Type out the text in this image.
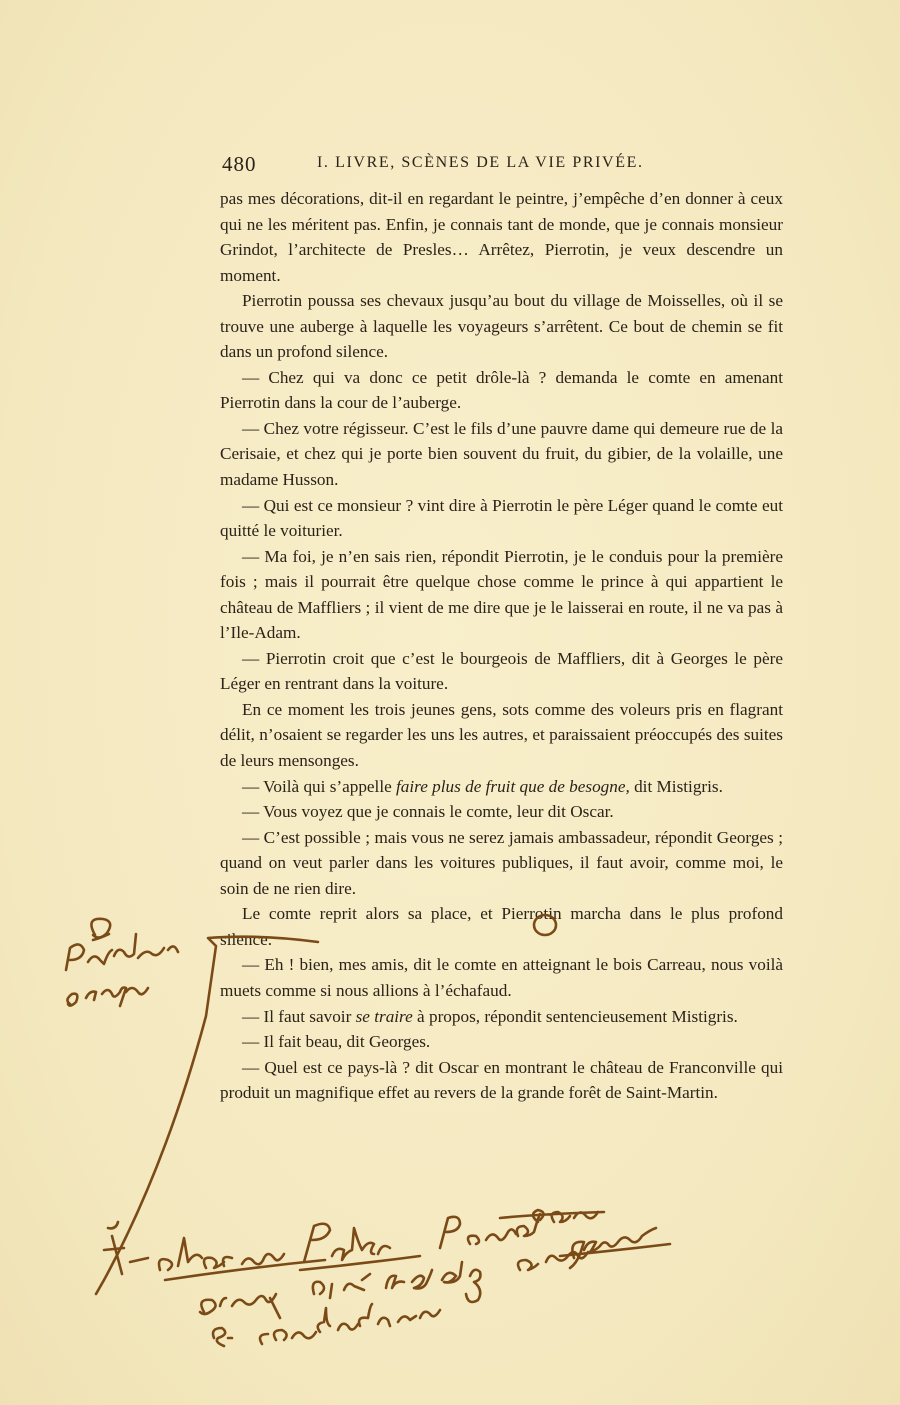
480	I. LIVRE, SCÈNES DE LA VIE PRIVÉE.

pas mes décorations, dit-il en regardant le peintre, j’empêche d’en donner à ceux qui ne les méritent pas. Enfin, je connais tant de monde, que je connais monsieur Grindot, l’architecte de Presles… Arrêtez, Pierrotin, je veux descendre un moment.

Pierrotin poussa ses chevaux jusqu’au bout du village de Moisselles, où il se trouve une auberge à laquelle les voyageurs s’arrêtent. Ce bout de chemin se fit dans un profond silence.

— Chez qui va donc ce petit drôle-là ? demanda le comte en amenant Pierrotin dans la cour de l’auberge.

— Chez votre régisseur. C’est le fils d’une pauvre dame qui demeure rue de la Cerisaie, et chez qui je porte bien souvent du fruit, du gibier, de la volaille, une madame Husson.

— Qui est ce monsieur ? vint dire à Pierrotin le père Léger quand le comte eut quitté le voiturier.

— Ma foi, je n’en sais rien, répondit Pierrotin, je le conduis pour la première fois ; mais il pourrait être quelque chose comme le prince à qui appartient le château de Maffliers ; il vient de me dire que je le laisserai en route, il ne va pas à l’Ile-Adam.

— Pierrotin croit que c’est le bourgeois de Maffliers, dit à Georges le père Léger en rentrant dans la voiture.

En ce moment les trois jeunes gens, sots comme des voleurs pris en flagrant délit, n’osaient se regarder les uns les autres, et paraissaient préoccupés des suites de leurs mensonges.

— Voilà qui s’appelle faire plus de fruit que de besogne, dit Mistigris.

— Vous voyez que je connais le comte, leur dit Oscar.

— C’est possible ; mais vous ne serez jamais ambassadeur, répondit Georges ; quand on veut parler dans les voitures publiques, il faut avoir, comme moi, le soin de ne rien dire.

Le comte reprit alors sa place, et Pierrotin marcha dans le plus profond silence.

— Eh ! bien, mes amis, dit le comte en atteignant le bois Carreau, nous voilà muets comme si nous allions à l’échafaud.

— Il faut savoir se traire à propos, répondit sentencieusement Mistigris.

— Il fait beau, dit Georges.

— Quel est ce pays-là ? dit Oscar en montrant le château de Franconville qui produit un magnifique effet au revers de la grande forêt de Saint-Martin.
